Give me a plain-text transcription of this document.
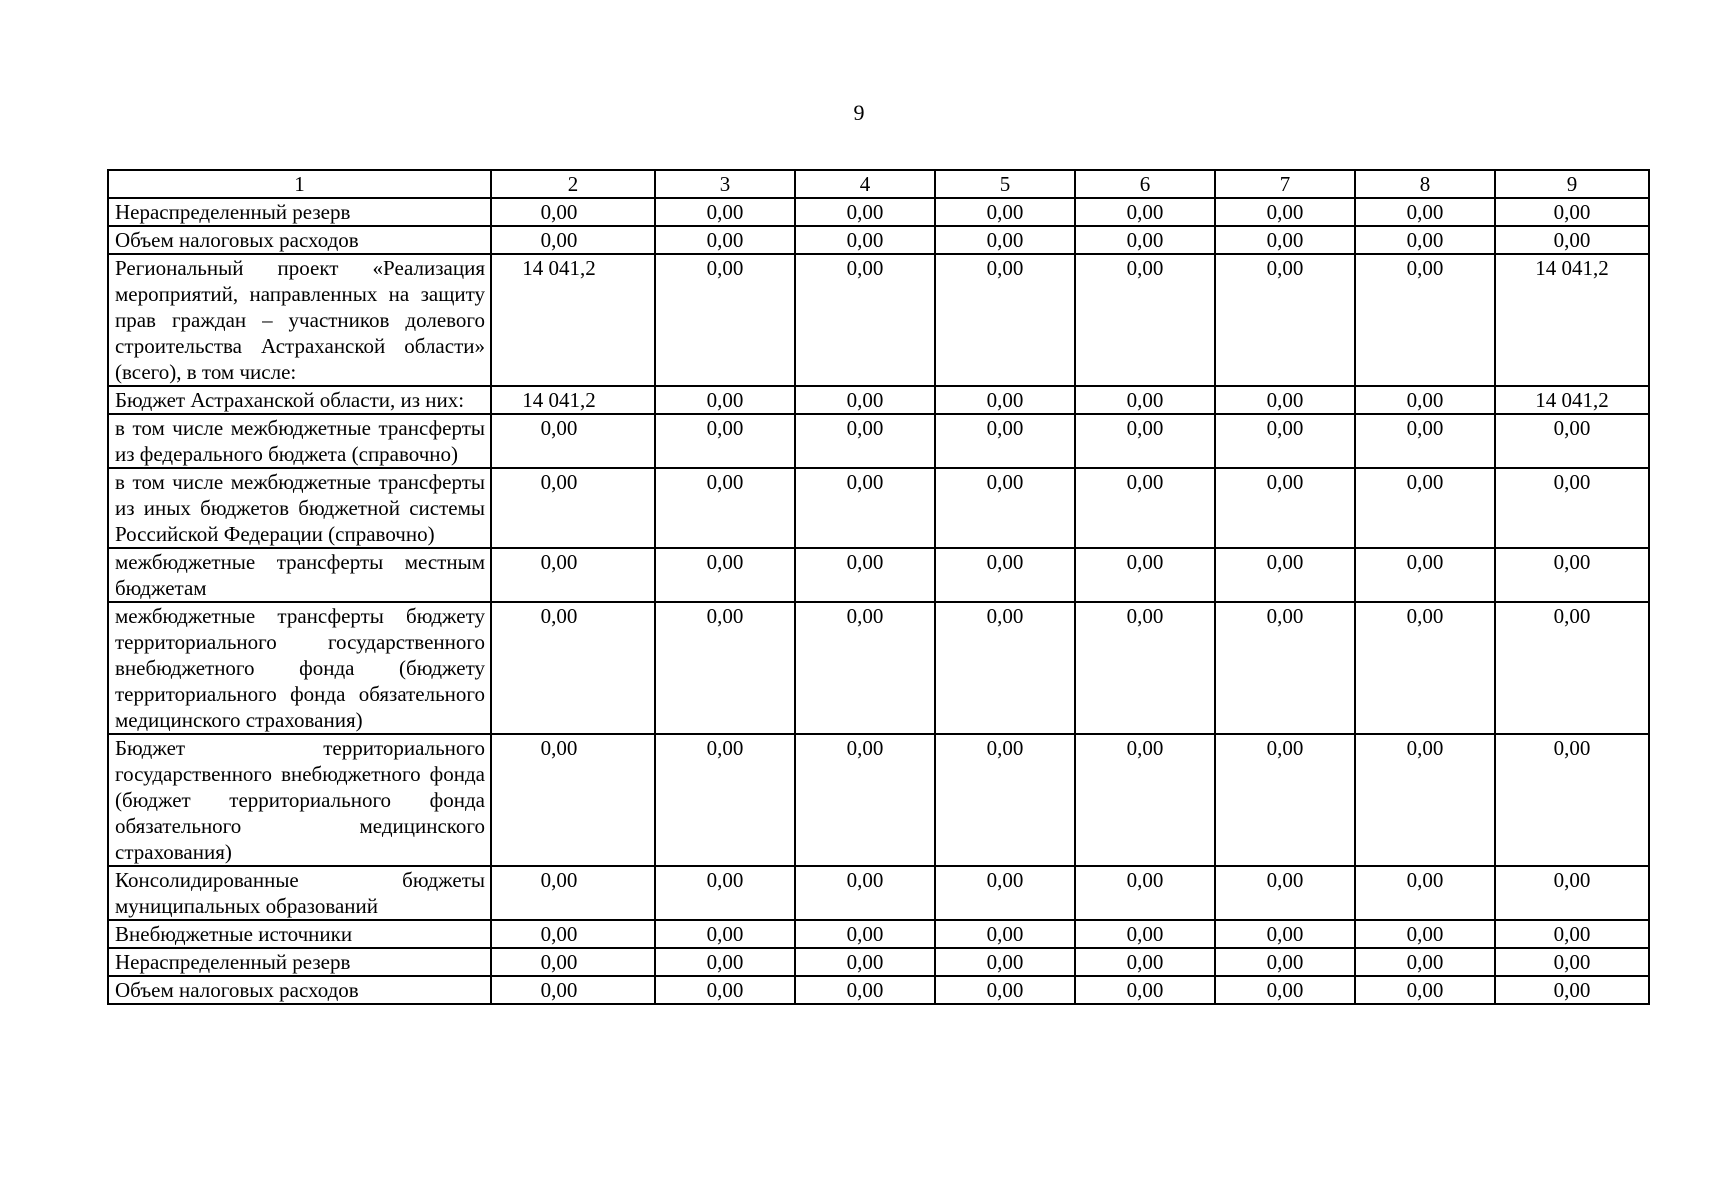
9
1	2	3	4	5	6	7	8	9
Нераспределенный резерв	0,00	0,00	0,00	0,00	0,00	0,00	0,00	0,00
Объем налоговых расходов	0,00	0,00	0,00	0,00	0,00	0,00	0,00	0,00
Региональный проект «Реализация мероприятий, направленных на защиту прав граждан – участников долевого строительства Астраханской области» (всего), в том числе:	14 041,2	0,00	0,00	0,00	0,00	0,00	0,00	14 041,2
Бюджет Астраханской области, из них:	14 041,2	0,00	0,00	0,00	0,00	0,00	0,00	14 041,2
в том числе межбюджетные трансферты из федерального бюджета (справочно)	0,00	0,00	0,00	0,00	0,00	0,00	0,00	0,00
в том числе межбюджетные трансферты из иных бюджетов бюджетной системы Российской Федерации (справочно)	0,00	0,00	0,00	0,00	0,00	0,00	0,00	0,00
межбюджетные трансферты местным бюджетам	0,00	0,00	0,00	0,00	0,00	0,00	0,00	0,00
межбюджетные трансферты бюджету территориального государственного внебюджетного фонда (бюджету территориального фонда обязательного медицинского страхования)	0,00	0,00	0,00	0,00	0,00	0,00	0,00	0,00
Бюджет территориального государственного внебюджетного фонда (бюджет территориального фонда обязательного медицинского страхования)	0,00	0,00	0,00	0,00	0,00	0,00	0,00	0,00
Консолидированные бюджеты муниципальных образований	0,00	0,00	0,00	0,00	0,00	0,00	0,00	0,00
Внебюджетные источники	0,00	0,00	0,00	0,00	0,00	0,00	0,00	0,00
Нераспределенный резерв	0,00	0,00	0,00	0,00	0,00	0,00	0,00	0,00
Объем налоговых расходов	0,00	0,00	0,00	0,00	0,00	0,00	0,00	0,00
